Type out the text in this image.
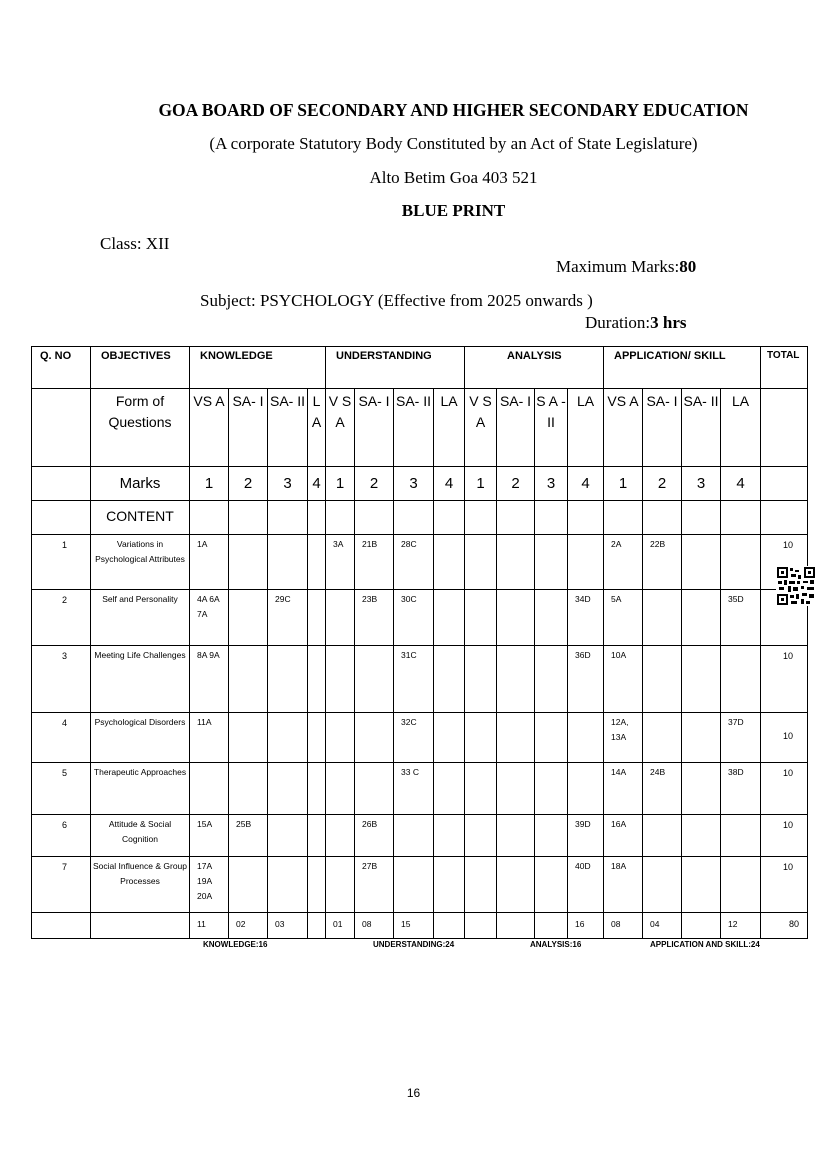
GOA BOARD OF SECONDARY AND HIGHER SECONDARY EDUCATION
(A corporate Statutory Body Constituted by an Act of State Legislature)
Alto Betim Goa 403 521
BLUE PRINT
Class: XII
Maximum Marks:80
Subject: PSYCHOLOGY (Effective from 2025 onwards )
Duration:3 hrs
Q. NO	OBJECTIVES	KNOWLEDGE				UNDERSTANDING				ANALYSIS				APPLICATION/ SKILL				TOTAL
	Form of Questions	VS A	SA- I	SA- II	L A	V S A	SA- I	SA- II	LA	V S A	SA- I	S A -II	LA	VS A	SA- I	SA- II	LA	
	Marks	1	2	3	4	1	2	3	4	1	2	3	4	1	2	3	4	
	CONTENT																	
1	Variations in Psychological Attributes	1A				3A	21B	28C						2A	22B			10
2	Self and Personality	4A 6A 7A		29C			23B	30C					34D	5A			35D	
3	Meeting Life Challenges	8A 9A						31C					36D	10A				10
4	Psychological Disorders	11A						32C						12A, 13A			37D	10
5	Therapeutic Approaches							33 C						14A	24B		38D	10
6	Attitude & Social Cognition	15A	25B				26B						39D	16A				10
7	Social Influence & Group Processes	17A 19A 20A					27B						40D	18A				10
		11	02	03		01	08	15					16	08	04		12	80
KNOWLEDGE:16	UNDERSTANDING:24	ANALYSIS:16	APPLICATION AND SKILL:24
16
